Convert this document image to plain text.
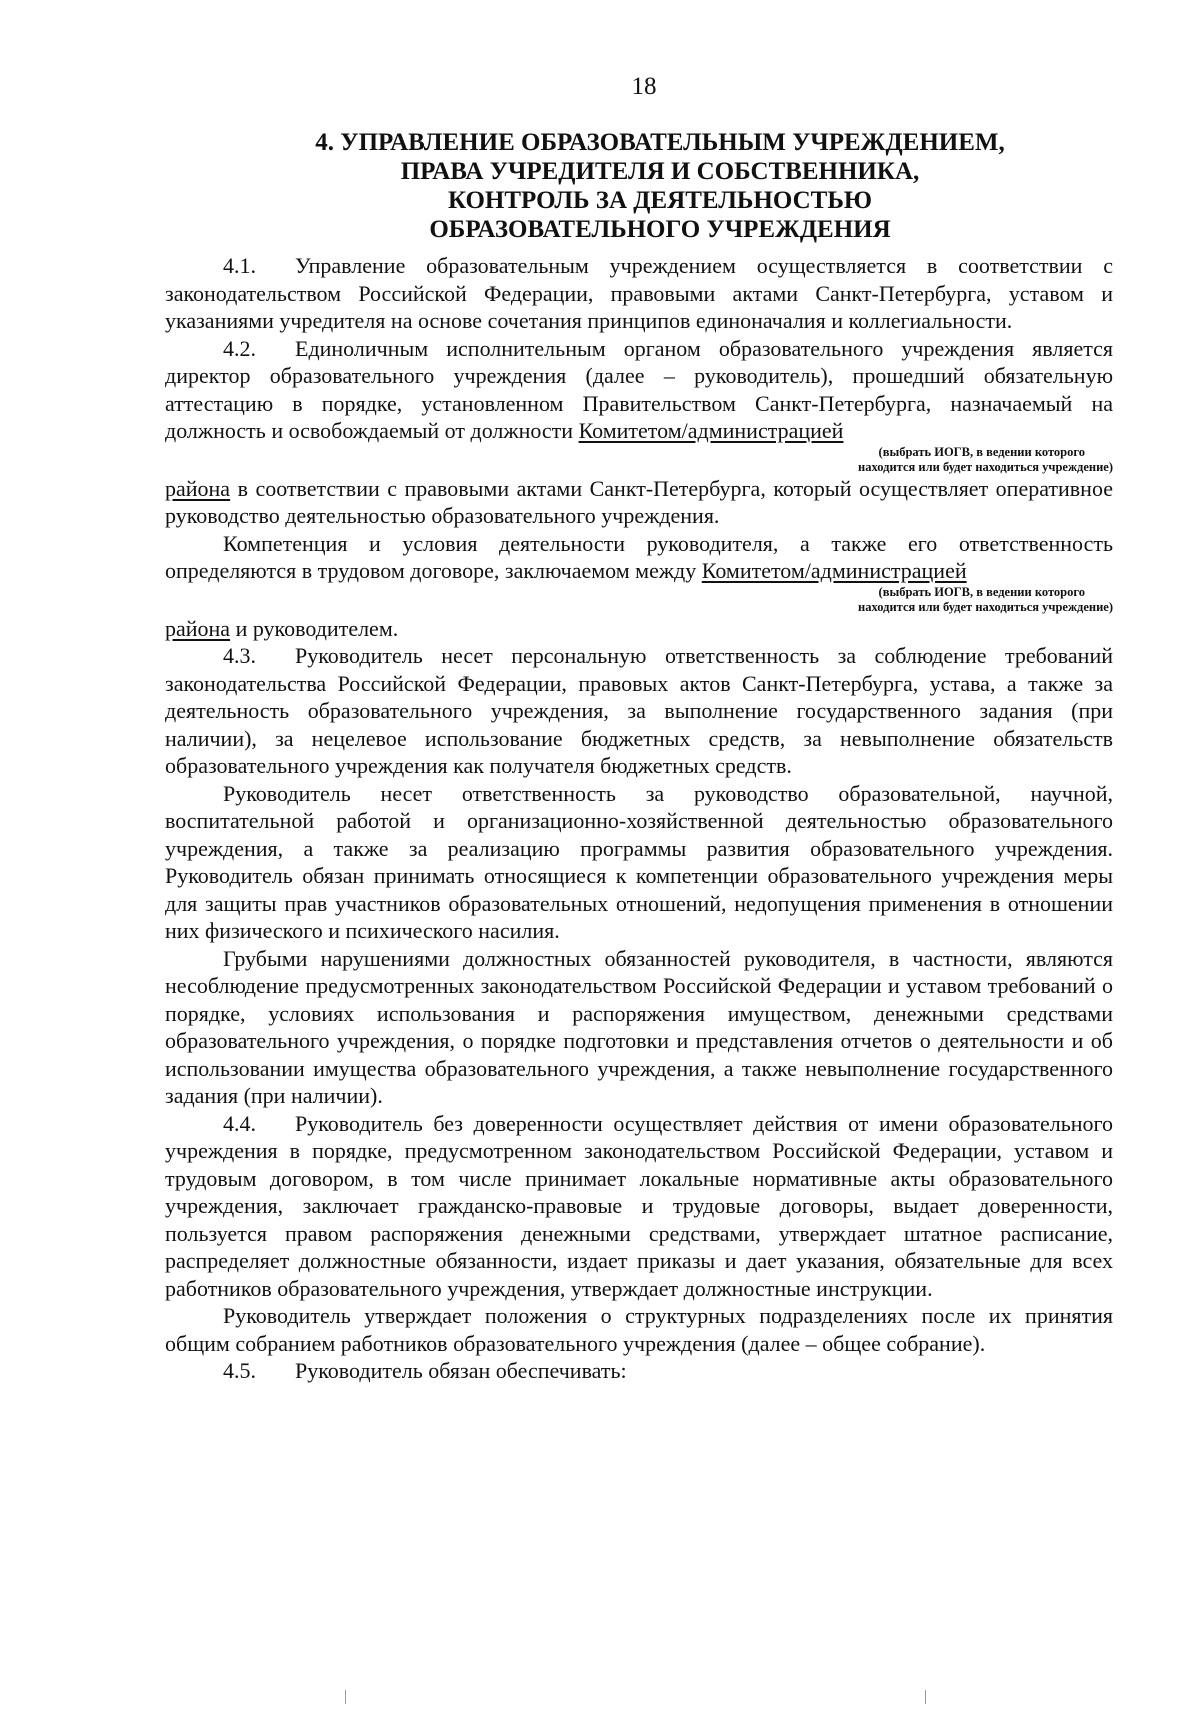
18
4. УПРАВЛЕНИЕ ОБРАЗОВАТЕЛЬНЫМ УЧРЕЖДЕНИЕМ,
ПРАВА УЧРЕДИТЕЛЯ И СОБСТВЕННИКА,
КОНТРОЛЬ ЗА ДЕЯТЕЛЬНОСТЬЮ
ОБРАЗОВАТЕЛЬНОГО УЧРЕЖДЕНИЯ

4.1. Управление образовательным учреждением осуществляется в соответствии с законодательством Российской Федерации, правовыми актами Санкт-Петербурга, уставом и указаниями учредителя на основе сочетания принципов единоначалия и коллегиальности.

4.2. Единоличным исполнительным органом образовательного учреждения является директор образовательного учреждения (далее – руководитель), прошедший обязательную аттестацию в порядке, установленном Правительством Санкт-Петербурга, назначаемый на должность и освобождаемый от должности Комитетом/администрацией
(выбрать ИОГВ, в ведении которого
находится или будет находиться учреждение)
района в соответствии с правовыми актами Санкт-Петербурга, который осуществляет оперативное руководство деятельностью образовательного учреждения.

Компетенция и условия деятельности руководителя, а также его ответственность определяются в трудовом договоре, заключаемом между Комитетом/администрацией
(выбрать ИОГВ, в ведении которого
находится или будет находиться учреждение)
района и руководителем.

4.3. Руководитель несет персональную ответственность за соблюдение требований законодательства Российской Федерации, правовых актов Санкт-Петербурга, устава, а также за деятельность образовательного учреждения, за выполнение государственного задания (при наличии), за нецелевое использование бюджетных средств, за невыполнение обязательств образовательного учреждения как получателя бюджетных средств.

Руководитель несет ответственность за руководство образовательной, научной, воспитательной работой и организационно-хозяйственной деятельностью образовательного учреждения, а также за реализацию программы развития образовательного учреждения. Руководитель обязан принимать относящиеся к компетенции образовательного учреждения меры для защиты прав участников образовательных отношений, недопущения применения в отношении них физического и психического насилия.

Грубыми нарушениями должностных обязанностей руководителя, в частности, являются несоблюдение предусмотренных законодательством Российской Федерации и уставом требований о порядке, условиях использования и распоряжения имуществом, денежными средствами образовательного учреждения, о порядке подготовки и представления отчетов о деятельности и об использовании имущества образовательного учреждения, а также невыполнение государственного задания (при наличии).

4.4. Руководитель без доверенности осуществляет действия от имени образовательного учреждения в порядке, предусмотренном законодательством Российской Федерации, уставом и трудовым договором, в том числе принимает локальные нормативные акты образовательного учреждения, заключает гражданско-правовые и трудовые договоры, выдает доверенности, пользуется правом распоряжения денежными средствами, утверждает штатное расписание, распределяет должностные обязанности, издает приказы и дает указания, обязательные для всех работников образовательного учреждения, утверждает должностные инструкции.

Руководитель утверждает положения о структурных подразделениях после их принятия общим собранием работников образовательного учреждения (далее – общее собрание).

4.5. Руководитель обязан обеспечивать:
